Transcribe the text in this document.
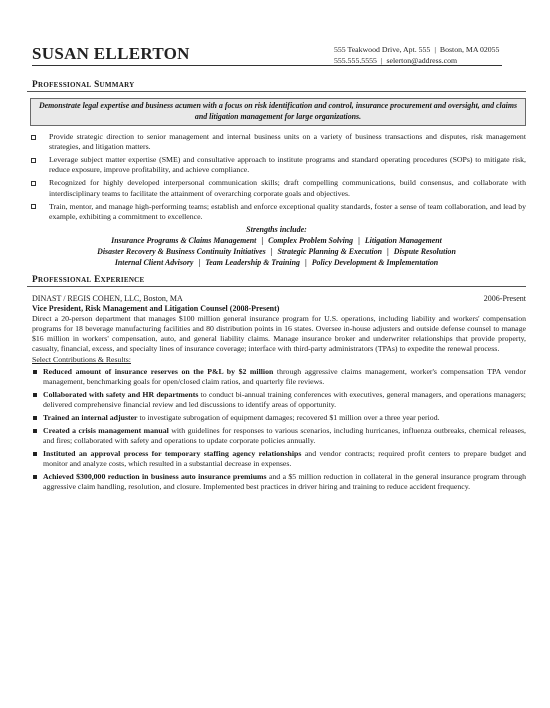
SUSAN ELLERTON	555 Teakwood Drive, Apt. 555 | Boston, MA 02055
555.555.5555 | selerton@address.com
Professional Summary
Demonstrate legal expertise and business acumen with a focus on risk identification and control, insurance procurement and oversight, and claims and litigation management for large organizations.
Provide strategic direction to senior management and internal business units on a variety of business transactions and disputes, risk management strategies, and litigation matters.
Leverage subject matter expertise (SME) and consultative approach to institute programs and standard operating procedures (SOPs) to mitigate risk, reduce exposure, improve profitability, and achieve compliance.
Recognized for highly developed interpersonal communication skills; draft compelling communications, build consensus, and collaborate with interdisciplinary teams to facilitate the attainment of overarching corporate goals and objectives.
Train, mentor, and manage high-performing teams; establish and enforce exceptional quality standards, foster a sense of team collaboration, and lead by example, exhibiting a commitment to excellence.
Strengths include:
Insurance Programs & Claims Management | Complex Problem Solving | Litigation Management
Disaster Recovery & Business Continuity Initiatives | Strategic Planning & Execution | Dispute Resolution
Internal Client Advisory | Team Leadership & Training | Policy Development & Implementation
Professional Experience
DINAST / REGIS COHEN, LLC, Boston, MA	2006-Present
Vice President, Risk Management and Litigation Counsel (2008-Present)
Direct a 20-person department that manages $100 million general insurance program for U.S. operations, including liability and workers' compensation programs for 18 beverage manufacturing facilities and 80 distribution points in 16 states. Oversee in-house adjusters and outside defense counsel to manage $16 million in workers' compensation, auto, and general liability claims. Manage insurance broker and underwriter relationships that provide property, casualty, financial, excess, and specialty lines of insurance coverage; interface with third-party administrators (TPAs) to expedite the renewal process.
Select Contributions & Results:
Reduced amount of insurance reserves on the P&L by $2 million through aggressive claims management, worker's compensation TPA vendor management, benchmarking goals for open/closed claim ratios, and quarterly file reviews.
Collaborated with safety and HR departments to conduct bi-annual training conferences with executives, general managers, and operations managers; delivered comprehensive financial review and led discussions to identify areas of opportunity.
Trained an internal adjuster to investigate subrogation of equipment damages; recovered $1 million over a three year period.
Created a crisis management manual with guidelines for responses to various scenarios, including hurricanes, influenza outbreaks, chemical releases, and fires; collaborated with safety and operations to update corporate policies annually.
Instituted an approval process for temporary staffing agency relationships and vendor contracts; required profit centers to prepare budget and monitor and analyze costs, which resulted in a substantial decrease in expenses.
Achieved $300,000 reduction in business auto insurance premiums and a $5 million reduction in collateral in the general insurance program through aggressive claim handling, resolution, and closure. Implemented best practices in driver hiring and training to reduce accident frequency.
